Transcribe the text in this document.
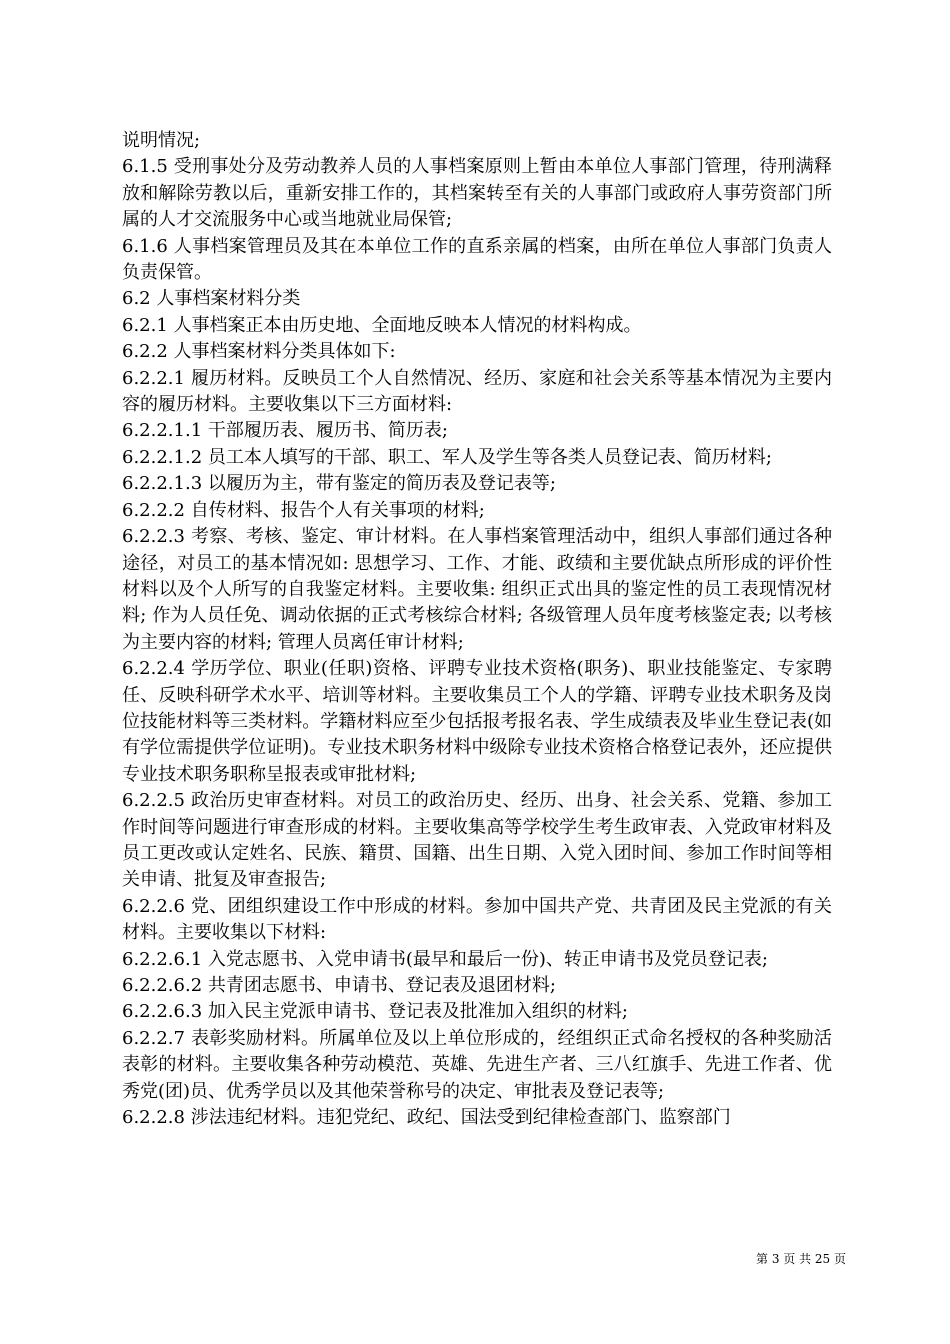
说明情况;

6.1.5 受刑事处分及劳动教养人员的人事档案原则上暂由本单位人事部门管理，待刑满释放和解除劳教以后，重新安排工作的，其档案转至有关的人事部门或政府人事劳资部门所属的人才交流服务中心或当地就业局保管;

6.1.6 人事档案管理员及其在本单位工作的直系亲属的档案，由所在单位人事部门负责人负责保管。

6.2 人事档案材料分类

6.2.1 人事档案正本由历史地、全面地反映本人情况的材料构成。

6.2.2 人事档案材料分类具体如下:

6.2.2.1 履历材料。反映员工个人自然情况、经历、家庭和社会关系等基本情况为主要内容的履历材料。主要收集以下三方面材料:

6.2.2.1.1 干部履历表、履历书、简历表;

6.2.2.1.2 员工本人填写的干部、职工、军人及学生等各类人员登记表、简历材料;

6.2.2.1.3 以履历为主，带有鉴定的简历表及登记表等;

6.2.2.2 自传材料、报告个人有关事项的材料;

6.2.2.3 考察、考核、鉴定、审计材料。在人事档案管理活动中，组织人事部们通过各种途径，对员工的基本情况如: 思想学习、工作、才能、政绩和主要优缺点所形成的评价性材料以及个人所写的自我鉴定材料。主要收集: 组织正式出具的鉴定性的员工表现情况材料; 作为人员任免、调动依据的正式考核综合材料; 各级管理人员年度考核鉴定表; 以考核为主要内容的材料; 管理人员离任审计材料;

6.2.2.4 学历学位、职业(任职)资格、评聘专业技术资格(职务)、职业技能鉴定、专家聘任、反映科研学术水平、培训等材料。主要收集员工个人的学籍、评聘专业技术职务及岗位技能材料等三类材料。学籍材料应至少包括报考报名表、学生成绩表及毕业生登记表(如有学位需提供学位证明)。专业技术职务材料中级除专业技术资格合格登记表外，还应提供专业技术职务职称呈报表或审批材料;

6.2.2.5 政治历史审查材料。对员工的政治历史、经历、出身、社会关系、党籍、参加工作时间等问题进行审查形成的材料。主要收集高等学校学生考生政审表、入党政审材料及员工更改或认定姓名、民族、籍贯、国籍、出生日期、入党入团时间、参加工作时间等相关申请、批复及审查报告;

6.2.2.6 党、团组织建设工作中形成的材料。参加中国共产党、共青团及民主党派的有关材料。主要收集以下材料:

6.2.2.6.1 入党志愿书、入党申请书(最早和最后一份)、转正申请书及党员登记表;

6.2.2.6.2 共青团志愿书、申请书、登记表及退团材料;

6.2.2.6.3 加入民主党派申请书、登记表及批准加入组织的材料;

6.2.2.7 表彰奖励材料。所属单位及以上单位形成的，经组织正式命名授权的各种奖励活表彰的材料。主要收集各种劳动模范、英雄、先进生产者、三八红旗手、先进工作者、优秀党(团)员、优秀学员以及其他荣誉称号的决定、审批表及登记表等;

6.2.2.8 涉法违纪材料。违犯党纪、政纪、国法受到纪律检查部门、监察部门

第 3 页 共 25 页
